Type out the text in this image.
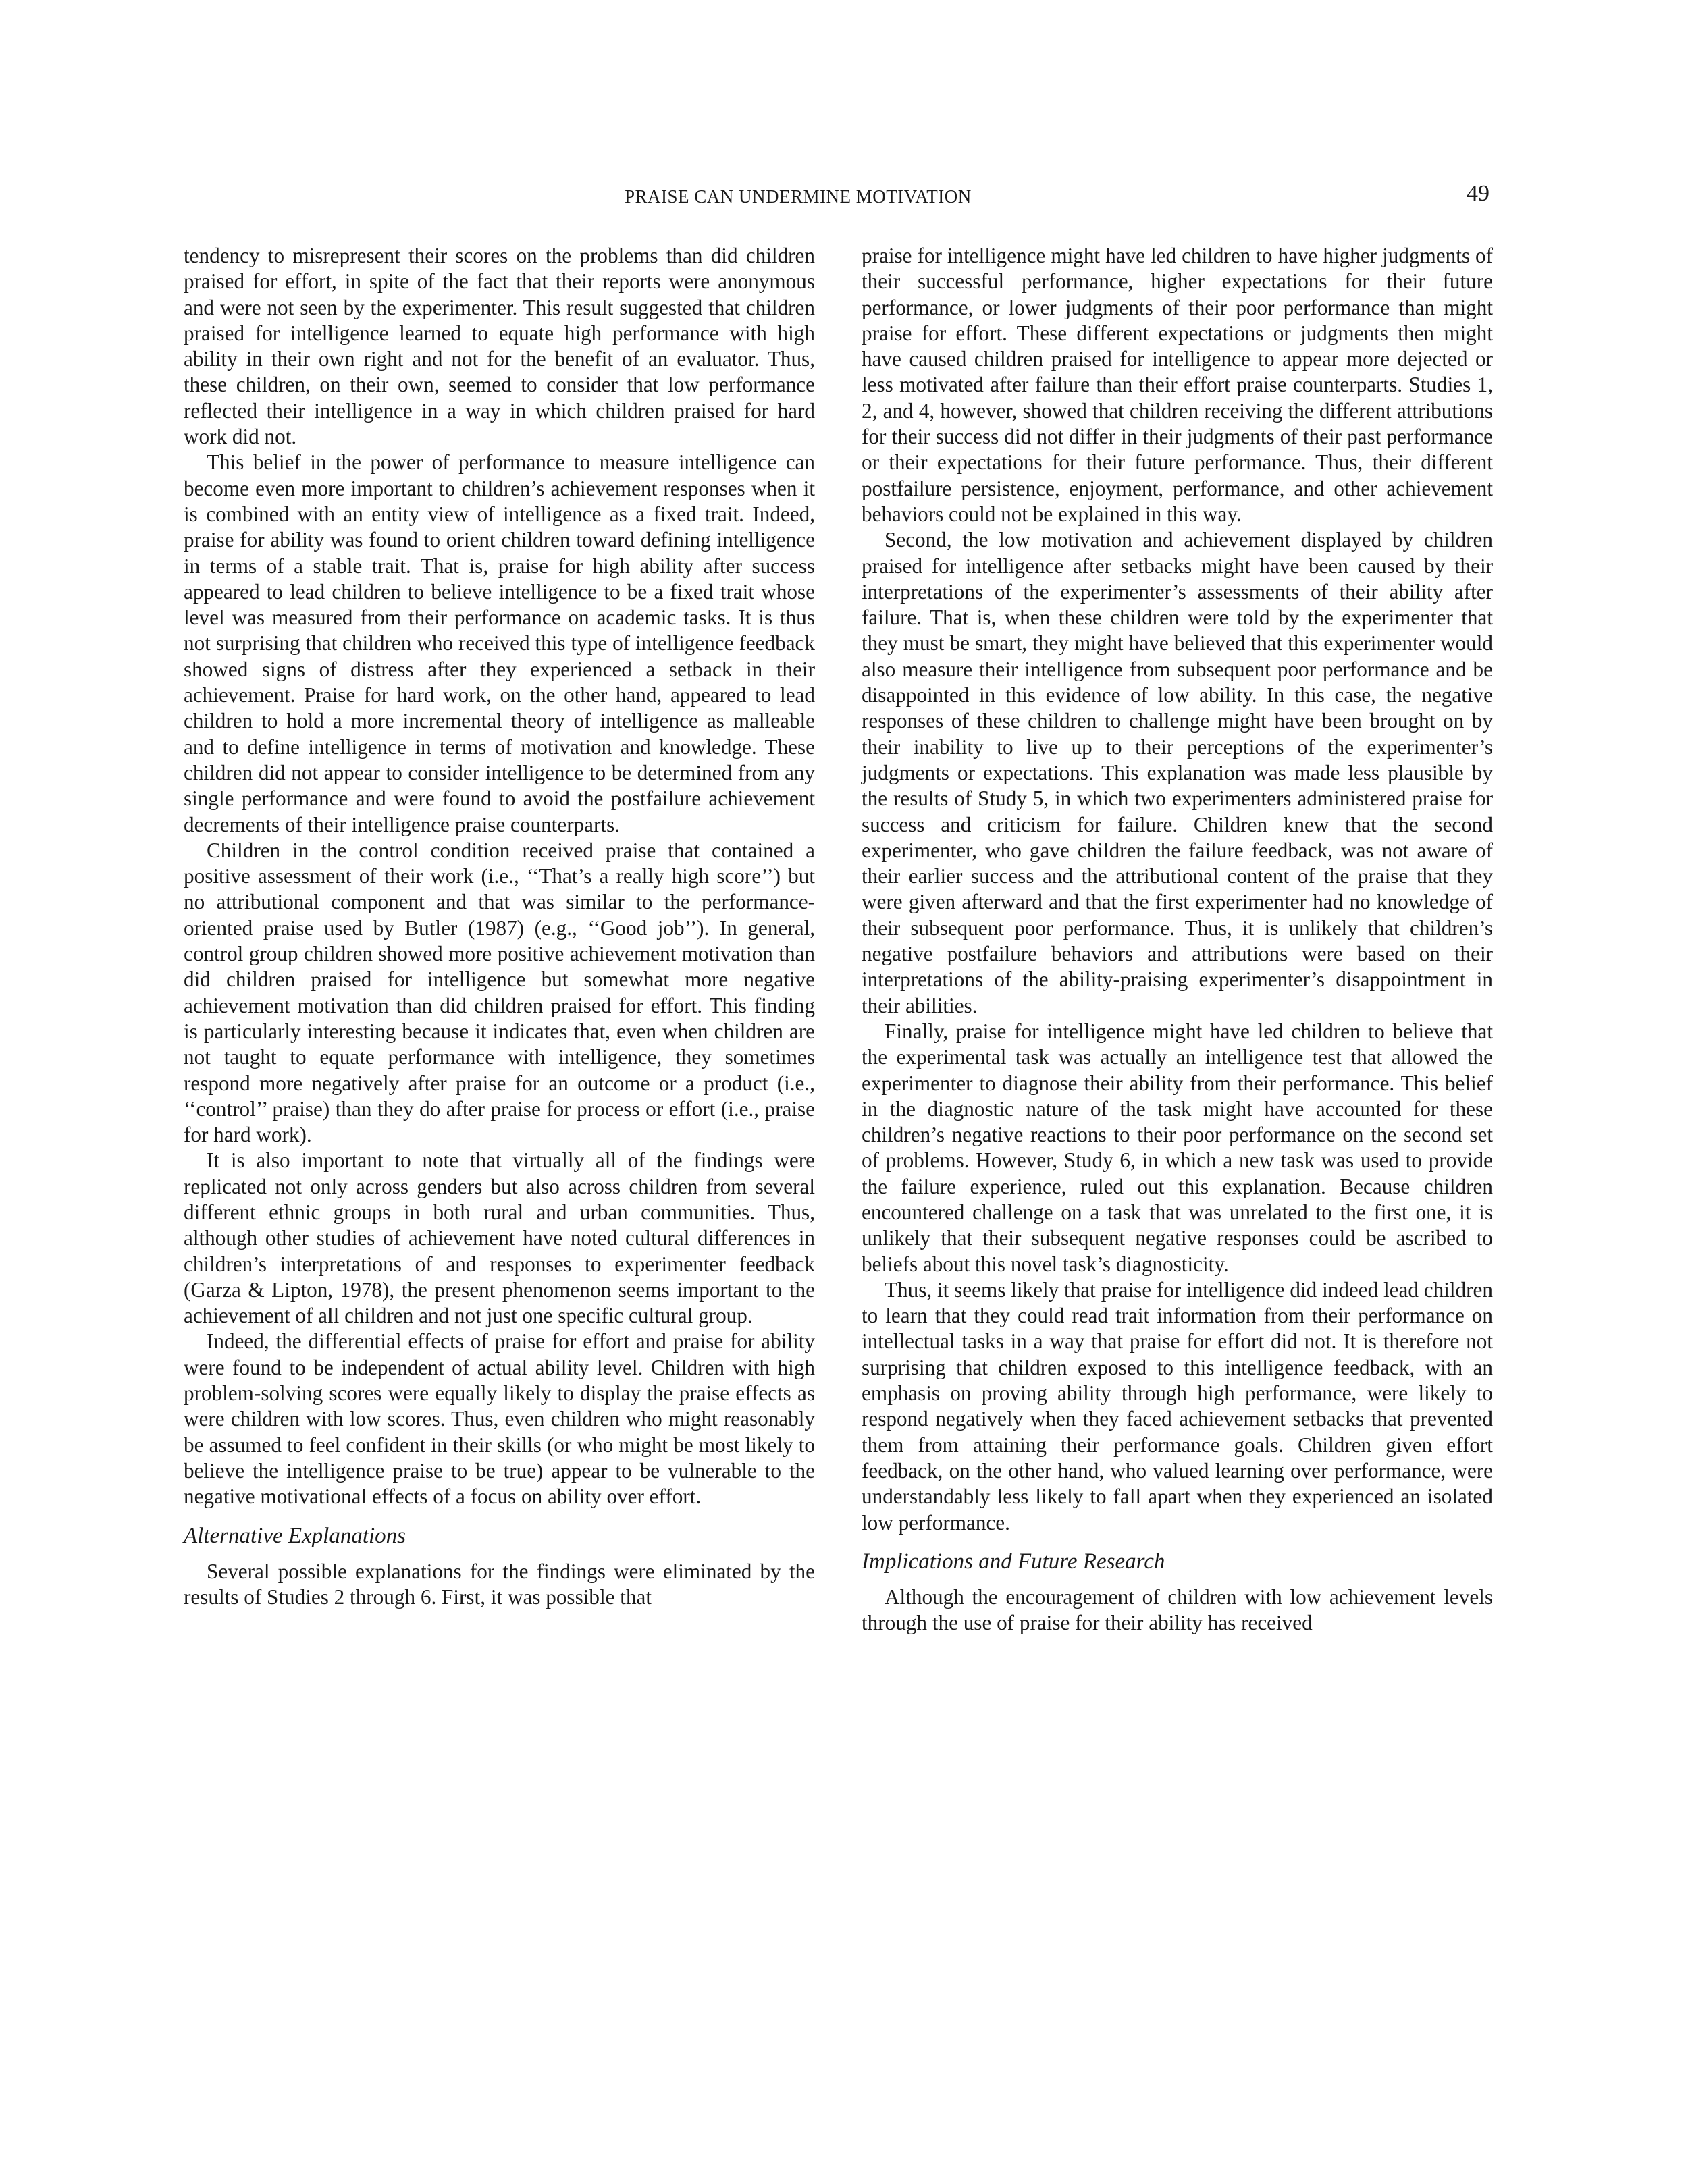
PRAISE CAN UNDERMINE MOTIVATION	49

tendency to misrepresent their scores on the problems than did children praised for effort, in spite of the fact that their reports were anonymous and were not seen by the experimenter. This result suggested that children praised for intelligence learned to equate high performance with high ability in their own right and not for the benefit of an evaluator. Thus, these children, on their own, seemed to consider that low performance reflected their intelligence in a way in which children praised for hard work did not.

This belief in the power of performance to measure intelligence can become even more important to children’s achievement responses when it is combined with an entity view of intelligence as a fixed trait. Indeed, praise for ability was found to orient children toward defining intelligence in terms of a stable trait. That is, praise for high ability after success appeared to lead children to believe intelligence to be a fixed trait whose level was measured from their performance on academic tasks. It is thus not surprising that children who received this type of intelligence feedback showed signs of distress after they experienced a setback in their achievement. Praise for hard work, on the other hand, appeared to lead children to hold a more incremental theory of intelligence as malleable and to define intelligence in terms of motivation and knowledge. These children did not appear to consider intelligence to be determined from any single performance and were found to avoid the postfailure achievement decrements of their intelligence praise counterparts.

Children in the control condition received praise that contained a positive assessment of their work (i.e., ‘‘That’s a really high score’’) but no attributional component and that was similar to the performance-oriented praise used by Butler (1987) (e.g., ‘‘Good job’’). In general, control group children showed more positive achievement motivation than did children praised for intelligence but somewhat more negative achievement motivation than did children praised for effort. This finding is particularly interesting because it indicates that, even when children are not taught to equate performance with intelligence, they sometimes respond more negatively after praise for an outcome or a product (i.e., ‘‘control’’ praise) than they do after praise for process or effort (i.e., praise for hard work).

It is also important to note that virtually all of the findings were replicated not only across genders but also across children from several different ethnic groups in both rural and urban communities. Thus, although other studies of achievement have noted cultural differences in children’s interpretations of and responses to experimenter feedback (Garza & Lipton, 1978), the present phenomenon seems important to the achievement of all children and not just one specific cultural group.

Indeed, the differential effects of praise for effort and praise for ability were found to be independent of actual ability level. Children with high problem-solving scores were equally likely to display the praise effects as were children with low scores. Thus, even children who might reasonably be assumed to feel confident in their skills (or who might be most likely to believe the intelligence praise to be true) appear to be vulnerable to the negative motivational effects of a focus on ability over effort.

Alternative Explanations

Several possible explanations for the findings were eliminated by the results of Studies 2 through 6. First, it was possible that

praise for intelligence might have led children to have higher judgments of their successful performance, higher expectations for their future performance, or lower judgments of their poor performance than might praise for effort. These different expectations or judgments then might have caused children praised for intelligence to appear more dejected or less motivated after failure than their effort praise counterparts. Studies 1, 2, and 4, however, showed that children receiving the different attributions for their success did not differ in their judgments of their past performance or their expectations for their future performance. Thus, their different postfailure persistence, enjoyment, performance, and other achievement behaviors could not be explained in this way.

Second, the low motivation and achievement displayed by children praised for intelligence after setbacks might have been caused by their interpretations of the experimenter’s assessments of their ability after failure. That is, when these children were told by the experimenter that they must be smart, they might have believed that this experimenter would also measure their intelligence from subsequent poor performance and be disappointed in this evidence of low ability. In this case, the negative responses of these children to challenge might have been brought on by their inability to live up to their perceptions of the experimenter’s judgments or expectations. This explanation was made less plausible by the results of Study 5, in which two experimenters administered praise for success and criticism for failure. Children knew that the second experimenter, who gave children the failure feedback, was not aware of their earlier success and the attributional content of the praise that they were given afterward and that the first experimenter had no knowledge of their subsequent poor performance. Thus, it is unlikely that children’s negative postfailure behaviors and attributions were based on their interpretations of the ability-praising experimenter’s disappointment in their abilities.

Finally, praise for intelligence might have led children to believe that the experimental task was actually an intelligence test that allowed the experimenter to diagnose their ability from their performance. This belief in the diagnostic nature of the task might have accounted for these children’s negative reactions to their poor performance on the second set of problems. However, Study 6, in which a new task was used to provide the failure experience, ruled out this explanation. Because children encountered challenge on a task that was unrelated to the first one, it is unlikely that their subsequent negative responses could be ascribed to beliefs about this novel task’s diagnosticity.

Thus, it seems likely that praise for intelligence did indeed lead children to learn that they could read trait information from their performance on intellectual tasks in a way that praise for effort did not. It is therefore not surprising that children exposed to this intelligence feedback, with an emphasis on proving ability through high performance, were likely to respond negatively when they faced achievement setbacks that prevented them from attaining their performance goals. Children given effort feedback, on the other hand, who valued learning over performance, were understandably less likely to fall apart when they experienced an isolated low performance.

Implications and Future Research

Although the encouragement of children with low achievement levels through the use of praise for their ability has received
